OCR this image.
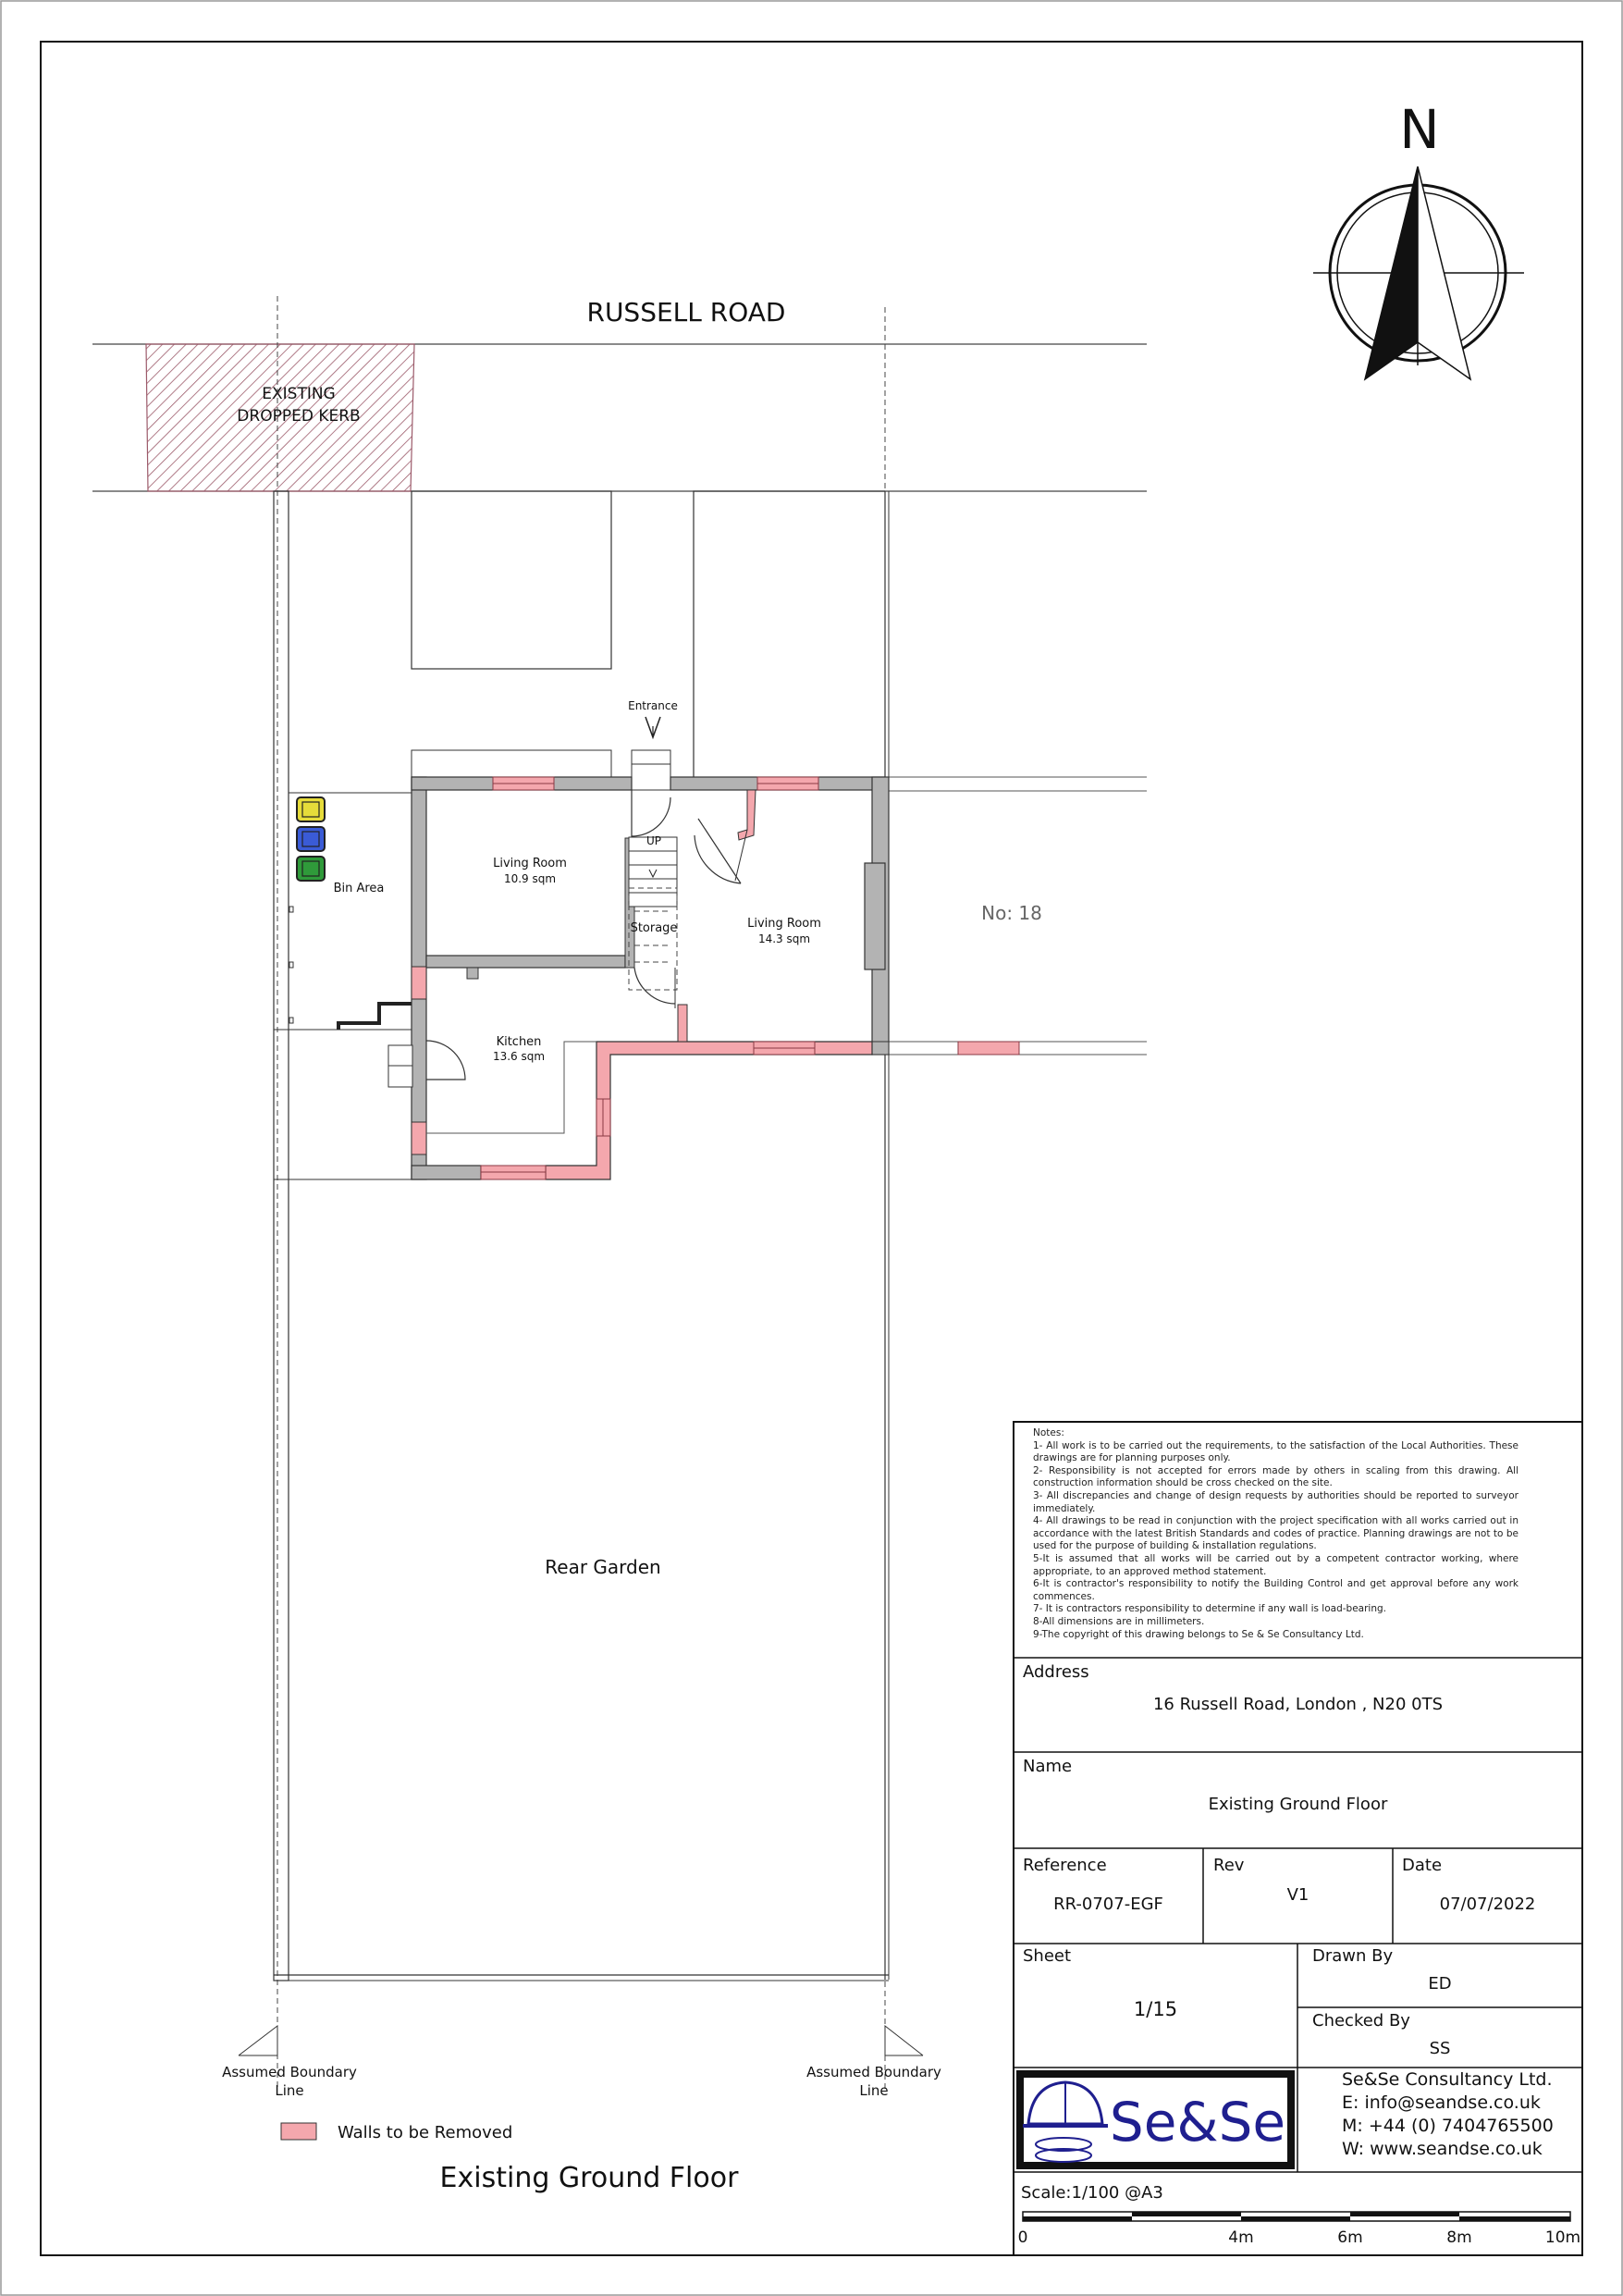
RUSSELL ROAD
EXISTING
DROPPED KERB
No: 18
Bin Area
Entrance
UP
Storage
Living Room
10.9 sqm
Living Room
14.3 sqm
Kitchen
13.6 sqm
Rear Garden
Assumed Boundary
Line
Assumed Boundary
Line
Walls to be Removed
Existing Ground Floor
N
Se&Se
Scale:1/100 @A3
0	4m	6m	8m	10m
Notes:
1- All work is to be carried out the requirements, to the satisfaction of the Local Authorities. These drawings are for planning purposes only.
2- Responsibility is not accepted for errors made by others in scaling from this drawing. All construction information should be cross checked on the site.
3- All discrepancies and change of design requests by authorities should be reported to surveyor immediately.
4- All drawings to be read in conjunction with the project specification with all works carried out in accordance with the latest British Standards and codes of practice. Planning drawings are not to be used for the purpose of building & installation regulations.
5-It is assumed that all works will be carried out by a competent contractor working, where appropriate, to an approved method statement.
6-It is contractor's responsibility to notify the Building Control and get approval before any work commences.
7- It is contractors responsibility to determine if any wall is load-bearing.
8-All dimensions are in millimeters.
9-The copyright of this drawing belongs to Se & Se Consultancy Ltd.
Address
16 Russell Road, London , N20 0TS
Name
Existing Ground Floor
Reference
RR-0707-EGF
Rev
V1
Date
07/07/2022
Sheet
1/15
Drawn By
ED
Checked By
SS
Se&Se Consultancy Ltd.
E: info@seandse.co.uk
M: +44 (0) 7404765500
W: www.seandse.co.uk
